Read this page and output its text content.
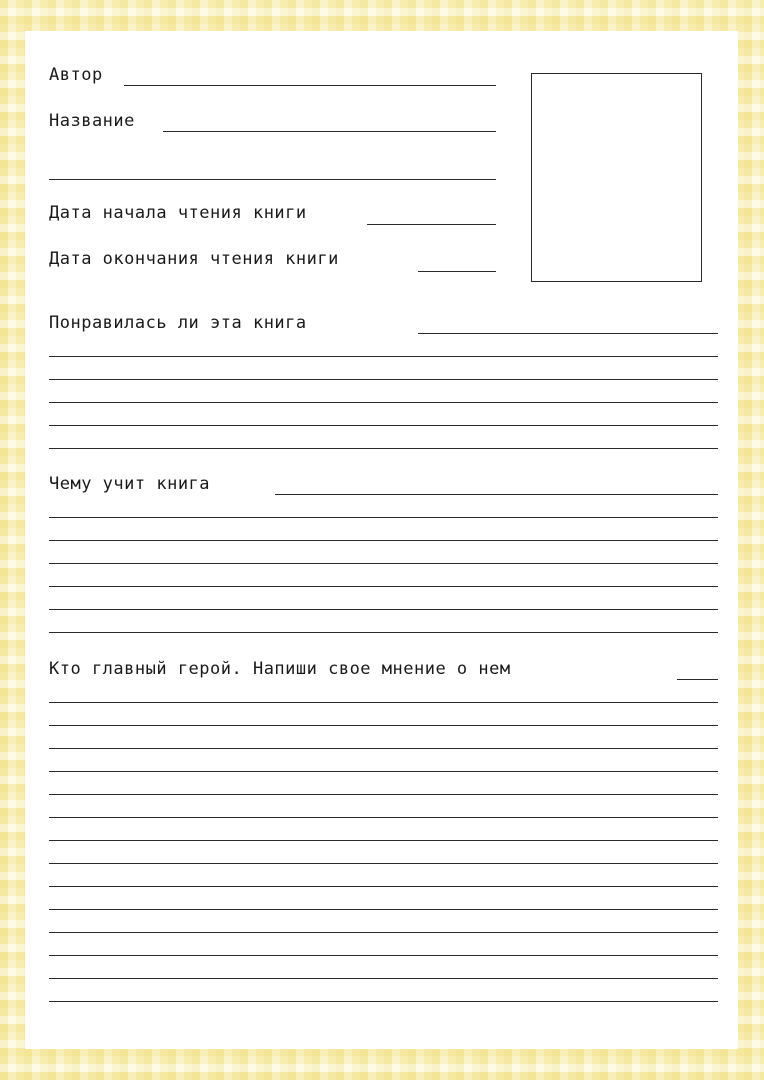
Автор
Название
Дата начала чтения книги
Дата окончания чтения книги
Понравилась ли эта книга
Чему учит книга
Кто главный герой. Напиши свое мнение о нем
